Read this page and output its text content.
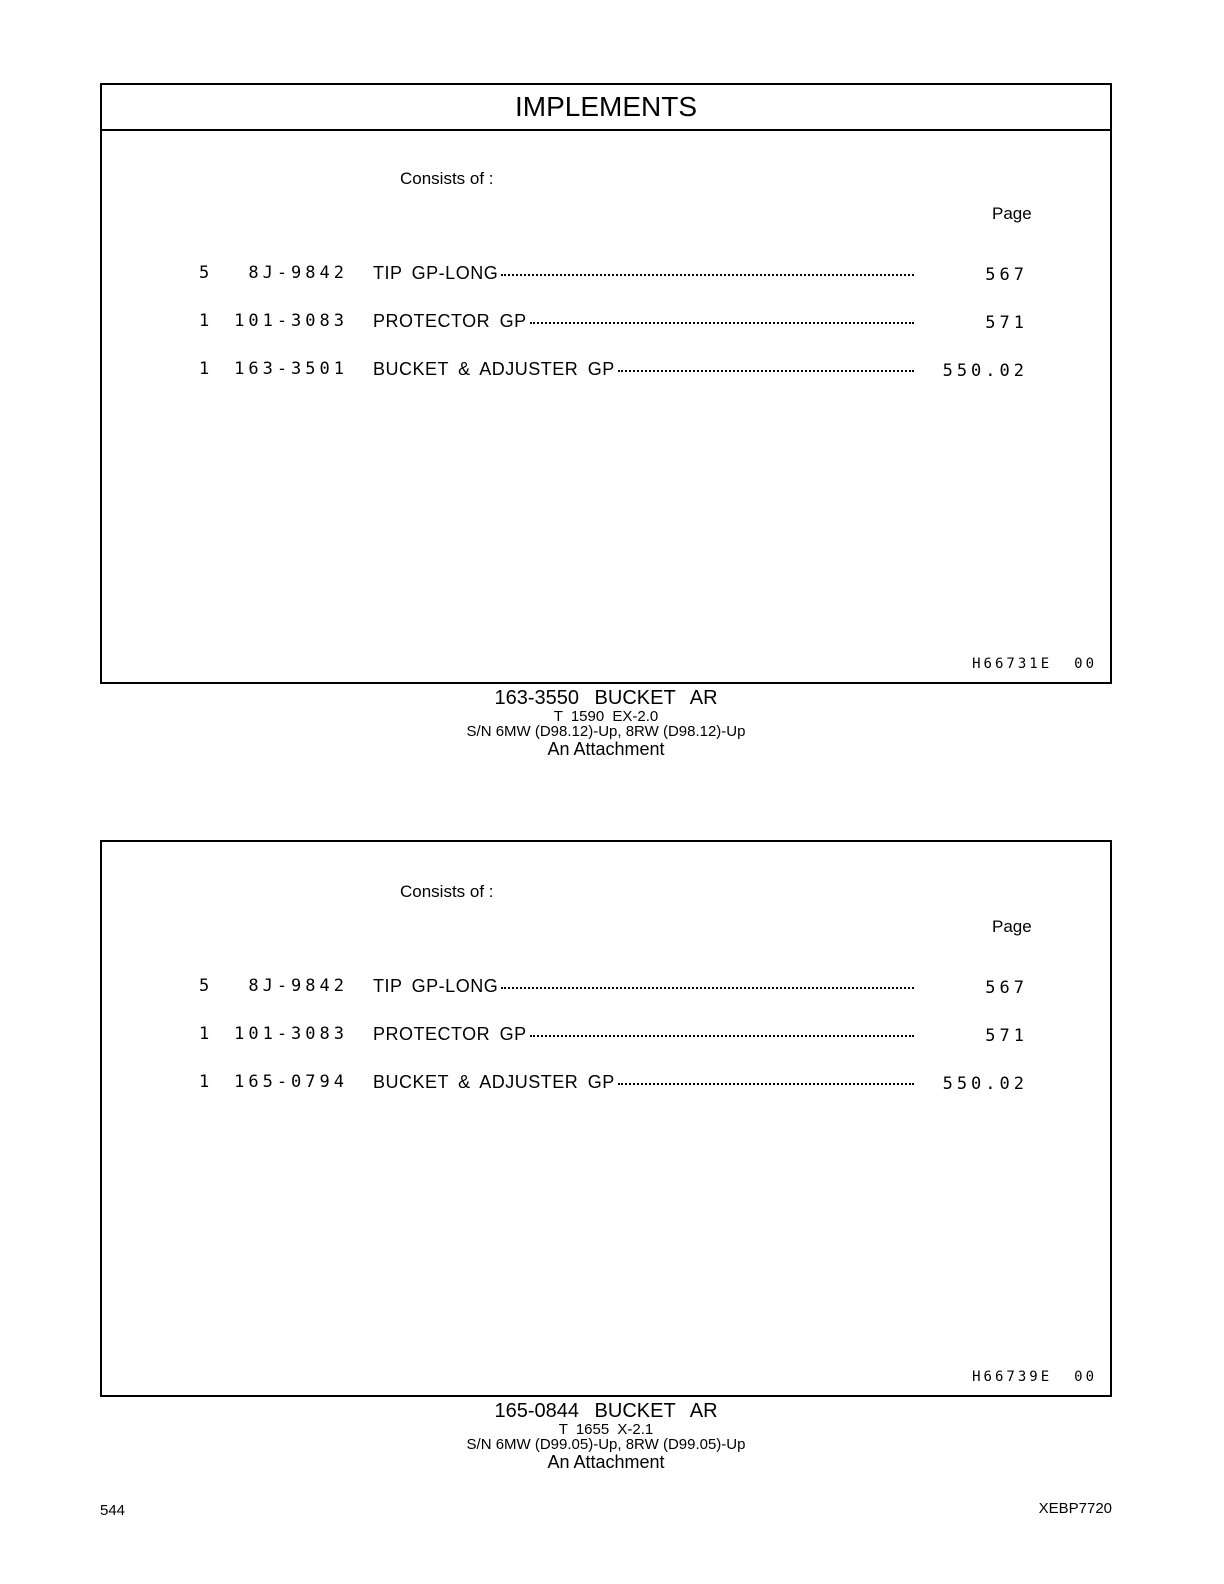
IMPLEMENTS
Consists of :
Page
5 8J-9842 TIP GP-LONG	567
1 101-3083 PROTECTOR GP	571
1 163-3501 BUCKET & ADJUSTER GP	550.02
H66731E 00
163-3550 BUCKET AR
T 1590 EX-2.0
S/N 6MW (D98.12)-Up, 8RW (D98.12)-Up
An Attachment
Consists of :
Page
5 8J-9842 TIP GP-LONG	567
1 101-3083 PROTECTOR GP	571
1 165-0794 BUCKET & ADJUSTER GP	550.02
H66739E 00
165-0844 BUCKET AR
T 1655 X-2.1
S/N 6MW (D99.05)-Up, 8RW (D99.05)-Up
An Attachment
544	XEBP7720
